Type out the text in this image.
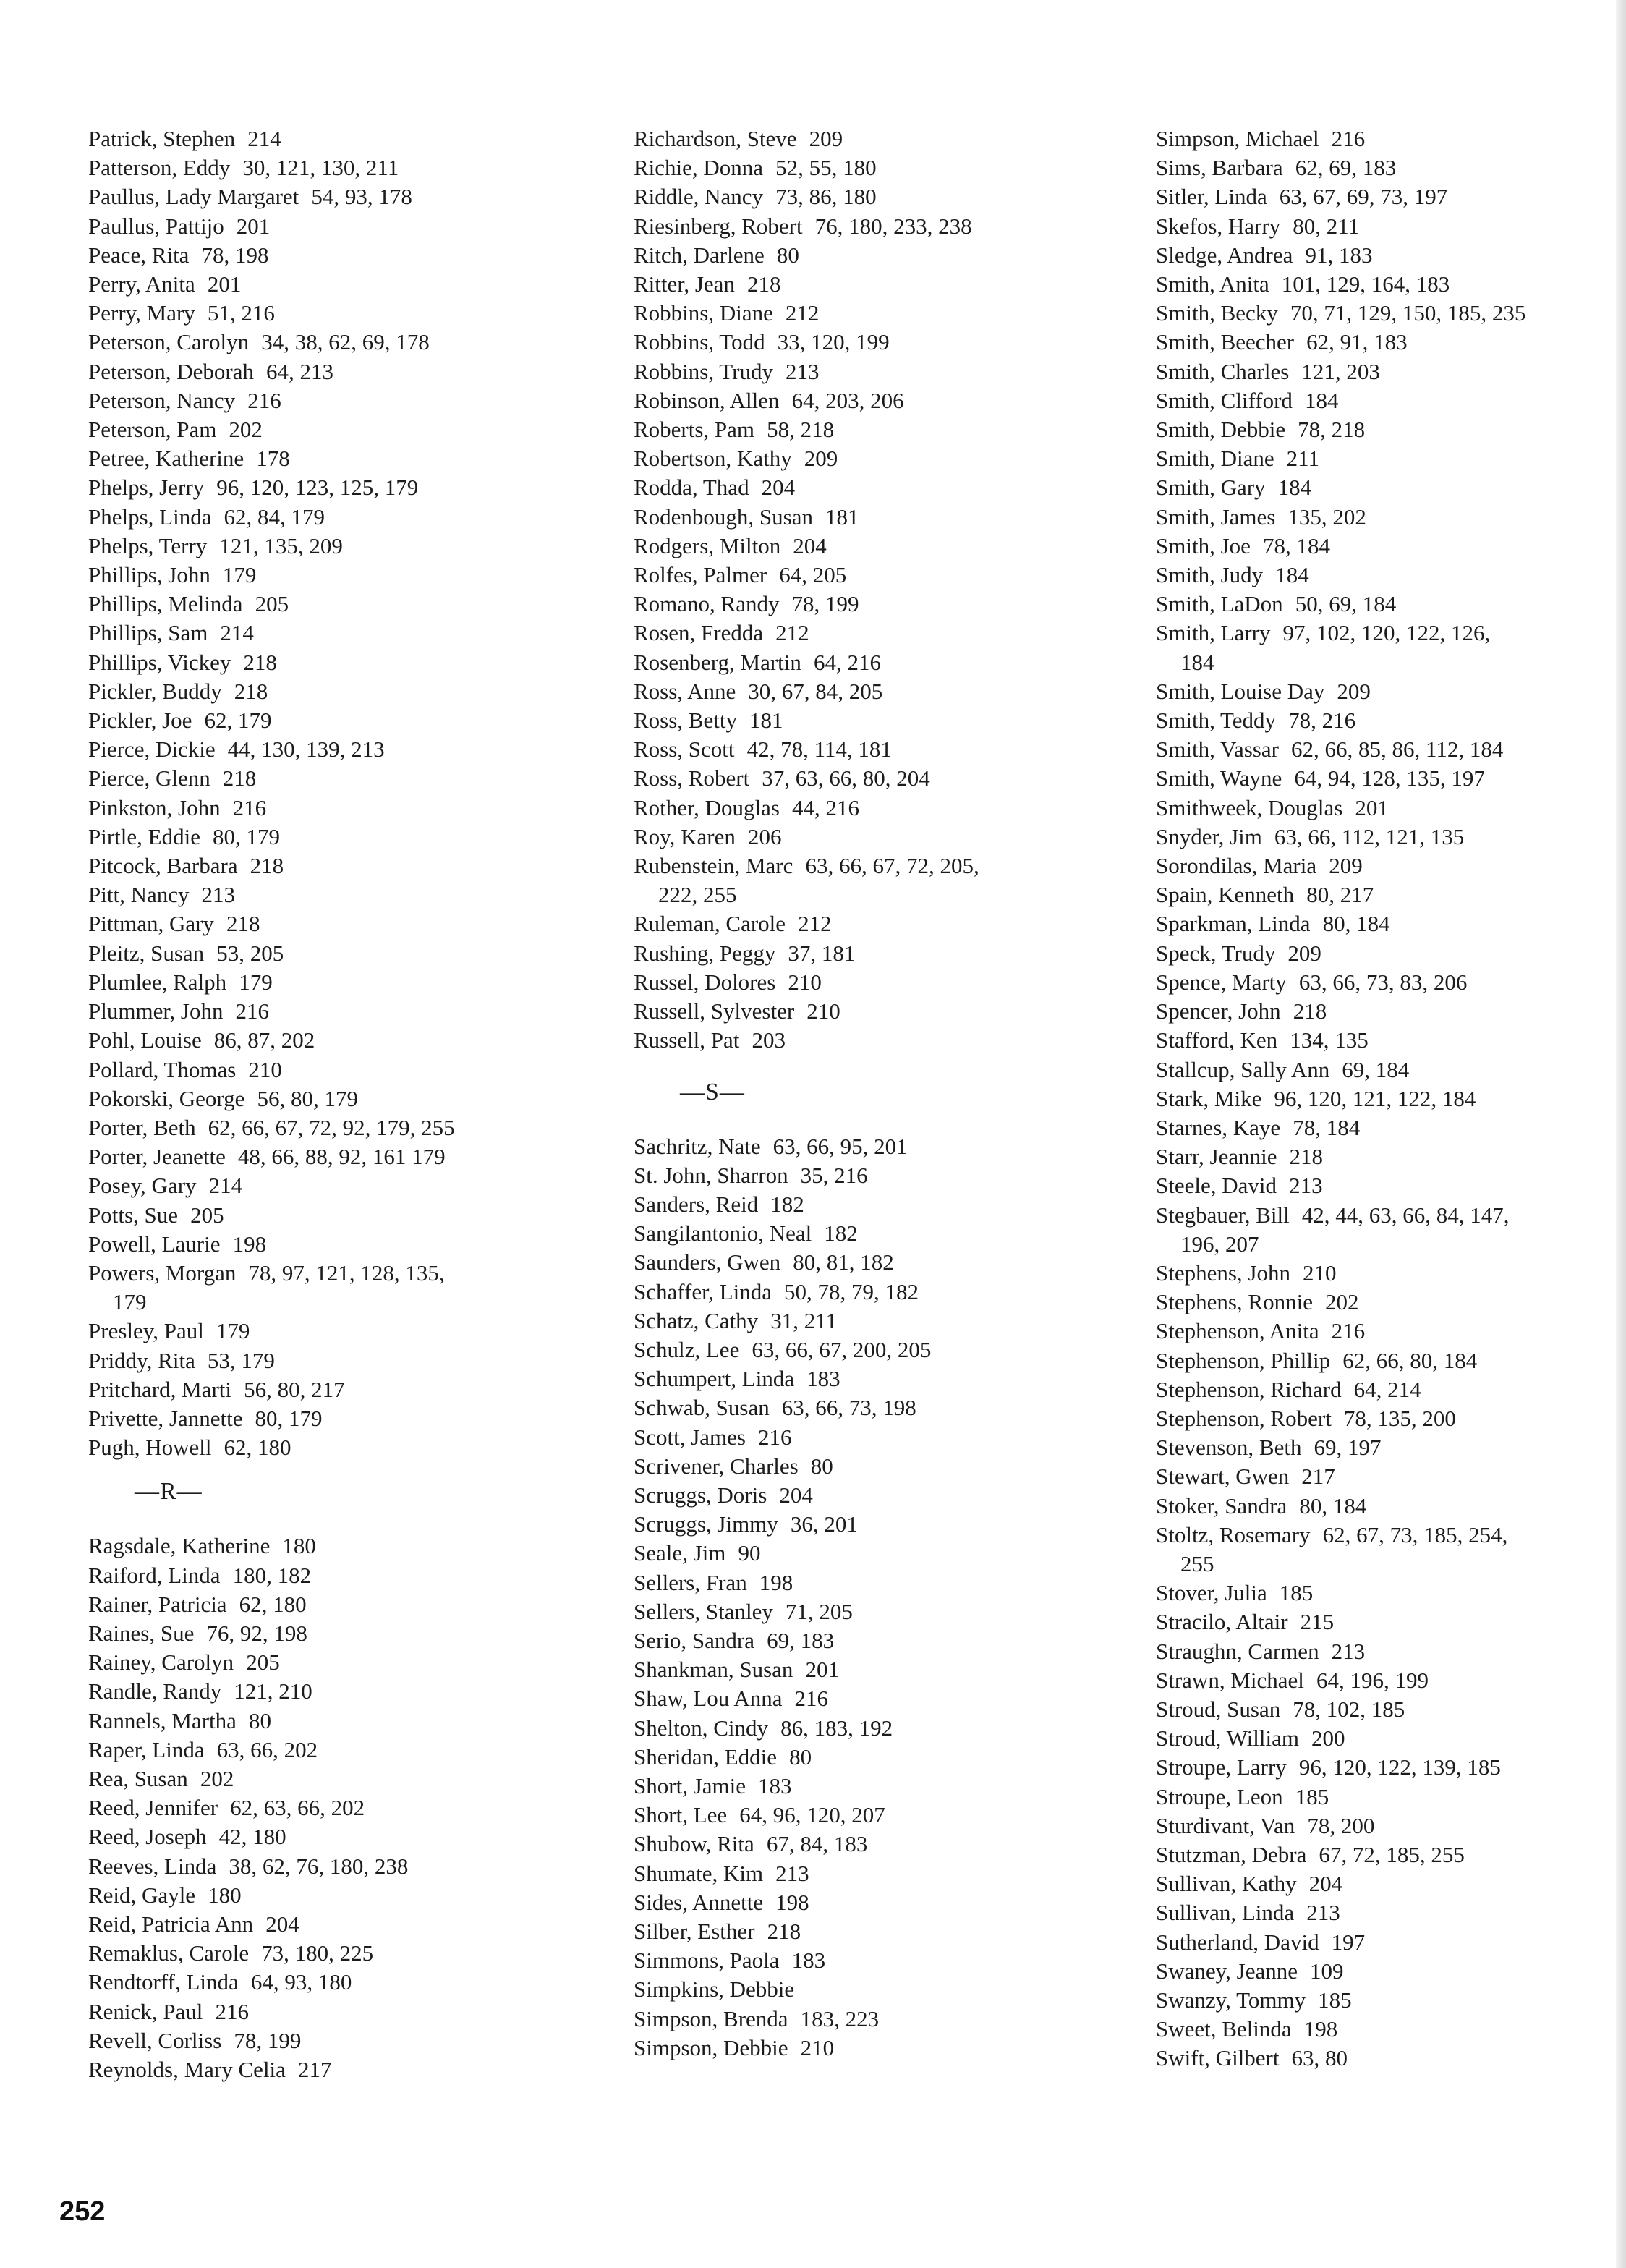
Patrick, Stephen 214
Patterson, Eddy 30, 121, 130, 211
Paullus, Lady Margaret 54, 93, 178
Paullus, Pattijo 201
Peace, Rita 78, 198
Perry, Anita 201
Perry, Mary 51, 216
Peterson, Carolyn 34, 38, 62, 69, 178
Peterson, Deborah 64, 213
Peterson, Nancy 216
Peterson, Pam 202
Petree, Katherine 178
Phelps, Jerry 96, 120, 123, 125, 179
Phelps, Linda 62, 84, 179
Phelps, Terry 121, 135, 209
Phillips, John 179
Phillips, Melinda 205
Phillips, Sam 214
Phillips, Vickey 218
Pickler, Buddy 218
Pickler, Joe 62, 179
Pierce, Dickie 44, 130, 139, 213
Pierce, Glenn 218
Pinkston, John 216
Pirtle, Eddie 80, 179
Pitcock, Barbara 218
Pitt, Nancy 213
Pittman, Gary 218
Pleitz, Susan 53, 205
Plumlee, Ralph 179
Plummer, John 216
Pohl, Louise 86, 87, 202
Pollard, Thomas 210
Pokorski, George 56, 80, 179
Porter, Beth 62, 66, 67, 72, 92, 179, 255
Porter, Jeanette 48, 66, 88, 92, 161 179
Posey, Gary 214
Potts, Sue 205
Powell, Laurie 198
Powers, Morgan 78, 97, 121, 128, 135,
179
Presley, Paul 179
Priddy, Rita 53, 179
Pritchard, Marti 56, 80, 217
Privette, Jannette 80, 179
Pugh, Howell 62, 180
—R—
Ragsdale, Katherine 180
Raiford, Linda 180, 182
Rainer, Patricia 62, 180
Raines, Sue 76, 92, 198
Rainey, Carolyn 205
Randle, Randy 121, 210
Rannels, Martha 80
Raper, Linda 63, 66, 202
Rea, Susan 202
Reed, Jennifer 62, 63, 66, 202
Reed, Joseph 42, 180
Reeves, Linda 38, 62, 76, 180, 238
Reid, Gayle 180
Reid, Patricia Ann 204
Remaklus, Carole 73, 180, 225
Rendtorff, Linda 64, 93, 180
Renick, Paul 216
Revell, Corliss 78, 199
Reynolds, Mary Celia 217
Richardson, Steve 209
Richie, Donna 52, 55, 180
Riddle, Nancy 73, 86, 180
Riesinberg, Robert 76, 180, 233, 238
Ritch, Darlene 80
Ritter, Jean 218
Robbins, Diane 212
Robbins, Todd 33, 120, 199
Robbins, Trudy 213
Robinson, Allen 64, 203, 206
Roberts, Pam 58, 218
Robertson, Kathy 209
Rodda, Thad 204
Rodenbough, Susan 181
Rodgers, Milton 204
Rolfes, Palmer 64, 205
Romano, Randy 78, 199
Rosen, Fredda 212
Rosenberg, Martin 64, 216
Ross, Anne 30, 67, 84, 205
Ross, Betty 181
Ross, Scott 42, 78, 114, 181
Ross, Robert 37, 63, 66, 80, 204
Rother, Douglas 44, 216
Roy, Karen 206
Rubenstein, Marc 63, 66, 67, 72, 205,
222, 255
Ruleman, Carole 212
Rushing, Peggy 37, 181
Russel, Dolores 210
Russell, Sylvester 210
Russell, Pat 203
—S—
Sachritz, Nate 63, 66, 95, 201
St. John, Sharron 35, 216
Sanders, Reid 182
Sangilantonio, Neal 182
Saunders, Gwen 80, 81, 182
Schaffer, Linda 50, 78, 79, 182
Schatz, Cathy 31, 211
Schulz, Lee 63, 66, 67, 200, 205
Schumpert, Linda 183
Schwab, Susan 63, 66, 73, 198
Scott, James 216
Scrivener, Charles 80
Scruggs, Doris 204
Scruggs, Jimmy 36, 201
Seale, Jim 90
Sellers, Fran 198
Sellers, Stanley 71, 205
Serio, Sandra 69, 183
Shankman, Susan 201
Shaw, Lou Anna 216
Shelton, Cindy 86, 183, 192
Sheridan, Eddie 80
Short, Jamie 183
Short, Lee 64, 96, 120, 207
Shubow, Rita 67, 84, 183
Shumate, Kim 213
Sides, Annette 198
Silber, Esther 218
Simmons, Paola 183
Simpkins, Debbie
Simpson, Brenda 183, 223
Simpson, Debbie 210
Simpson, Michael 216
Sims, Barbara 62, 69, 183
Sitler, Linda 63, 67, 69, 73, 197
Skefos, Harry 80, 211
Sledge, Andrea 91, 183
Smith, Anita 101, 129, 164, 183
Smith, Becky 70, 71, 129, 150, 185, 235
Smith, Beecher 62, 91, 183
Smith, Charles 121, 203
Smith, Clifford 184
Smith, Debbie 78, 218
Smith, Diane 211
Smith, Gary 184
Smith, James 135, 202
Smith, Joe 78, 184
Smith, Judy 184
Smith, LaDon 50, 69, 184
Smith, Larry 97, 102, 120, 122, 126,
184
Smith, Louise Day 209
Smith, Teddy 78, 216
Smith, Vassar 62, 66, 85, 86, 112, 184
Smith, Wayne 64, 94, 128, 135, 197
Smithweek, Douglas 201
Snyder, Jim 63, 66, 112, 121, 135
Sorondilas, Maria 209
Spain, Kenneth 80, 217
Sparkman, Linda 80, 184
Speck, Trudy 209
Spence, Marty 63, 66, 73, 83, 206
Spencer, John 218
Stafford, Ken 134, 135
Stallcup, Sally Ann 69, 184
Stark, Mike 96, 120, 121, 122, 184
Starnes, Kaye 78, 184
Starr, Jeannie 218
Steele, David 213
Stegbauer, Bill 42, 44, 63, 66, 84, 147,
196, 207
Stephens, John 210
Stephens, Ronnie 202
Stephenson, Anita 216
Stephenson, Phillip 62, 66, 80, 184
Stephenson, Richard 64, 214
Stephenson, Robert 78, 135, 200
Stevenson, Beth 69, 197
Stewart, Gwen 217
Stoker, Sandra 80, 184
Stoltz, Rosemary 62, 67, 73, 185, 254,
255
Stover, Julia 185
Stracilo, Altair 215
Straughn, Carmen 213
Strawn, Michael 64, 196, 199
Stroud, Susan 78, 102, 185
Stroud, William 200
Stroupe, Larry 96, 120, 122, 139, 185
Stroupe, Leon 185
Sturdivant, Van 78, 200
Stutzman, Debra 67, 72, 185, 255
Sullivan, Kathy 204
Sullivan, Linda 213
Sutherland, David 197
Swaney, Jeanne 109
Swanzy, Tommy 185
Sweet, Belinda 198
Swift, Gilbert 63, 80
252
